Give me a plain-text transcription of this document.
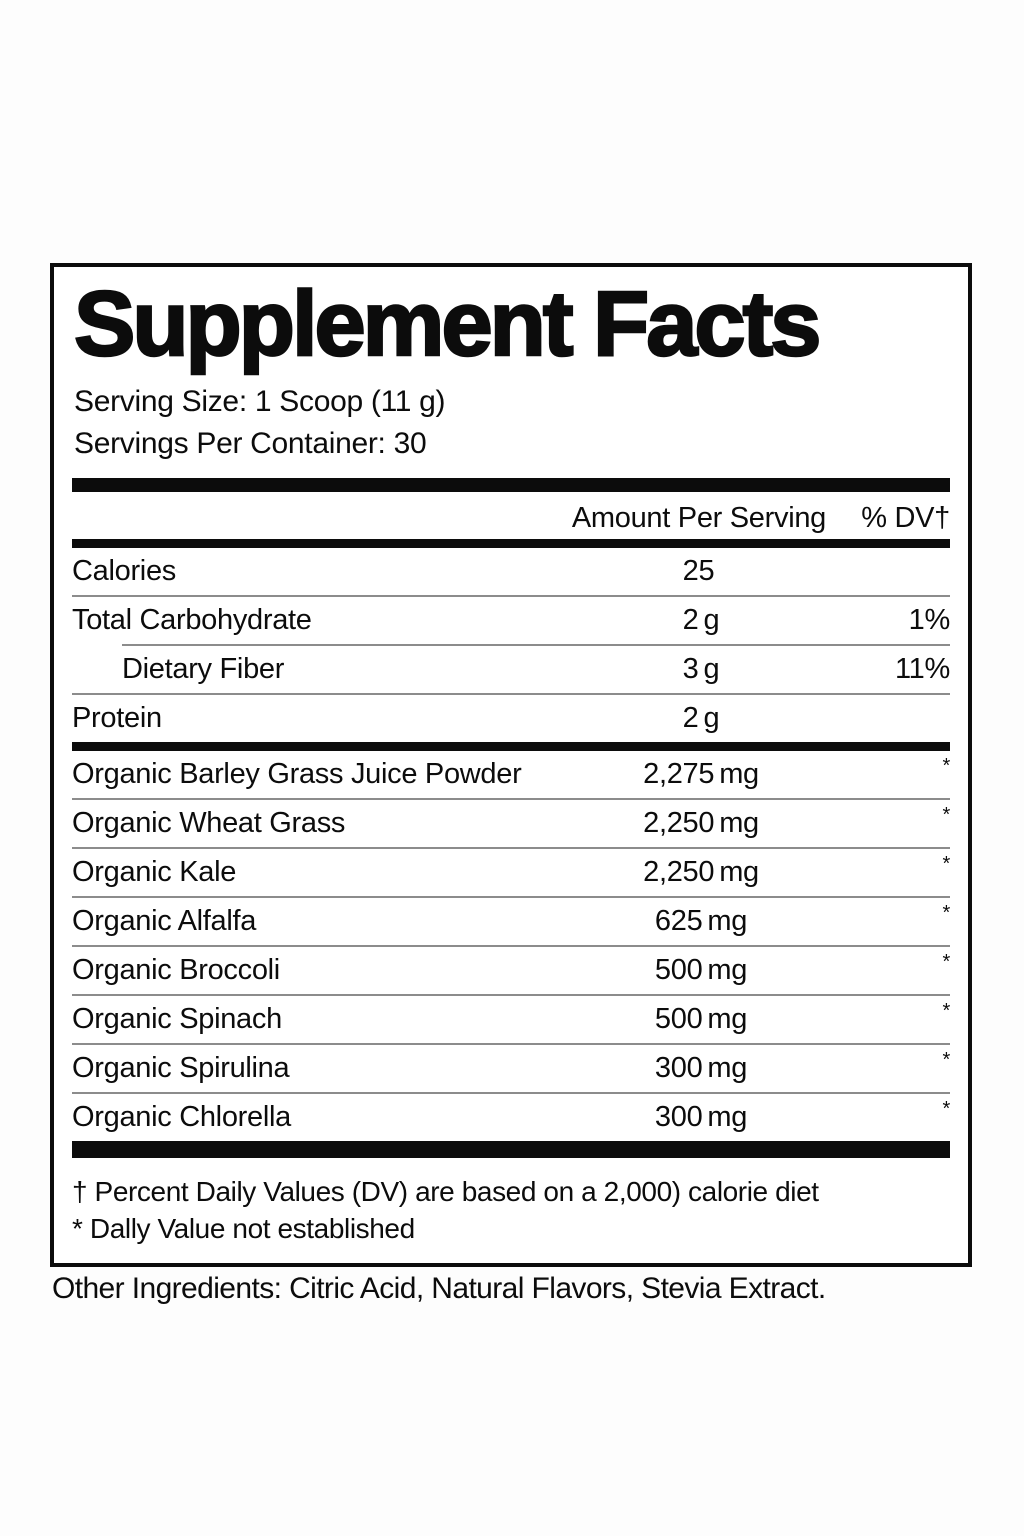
Supplement Facts
Serving Size: 1 Scoop (11 g)
Servings Per Container: 30
Amount Per Serving	% DV†
Calories	25
Total Carbohydrate	2 g	1%
Dietary Fiber	3 g	11%
Protein	2 g
Organic Barley Grass Juice Powder	2,275 mg	*
Organic Wheat Grass	2,250 mg	*
Organic Kale	2,250 mg	*
Organic Alfalfa	625 mg	*
Organic Broccoli	500 mg	*
Organic Spinach	500 mg	*
Organic Spirulina	300 mg	*
Organic Chlorella	300 mg	*
† Percent Daily Values (DV) are based on a 2,000) calorie diet
* Dally Value not established
Other Ingredients: Citric Acid, Natural Flavors, Stevia Extract.
